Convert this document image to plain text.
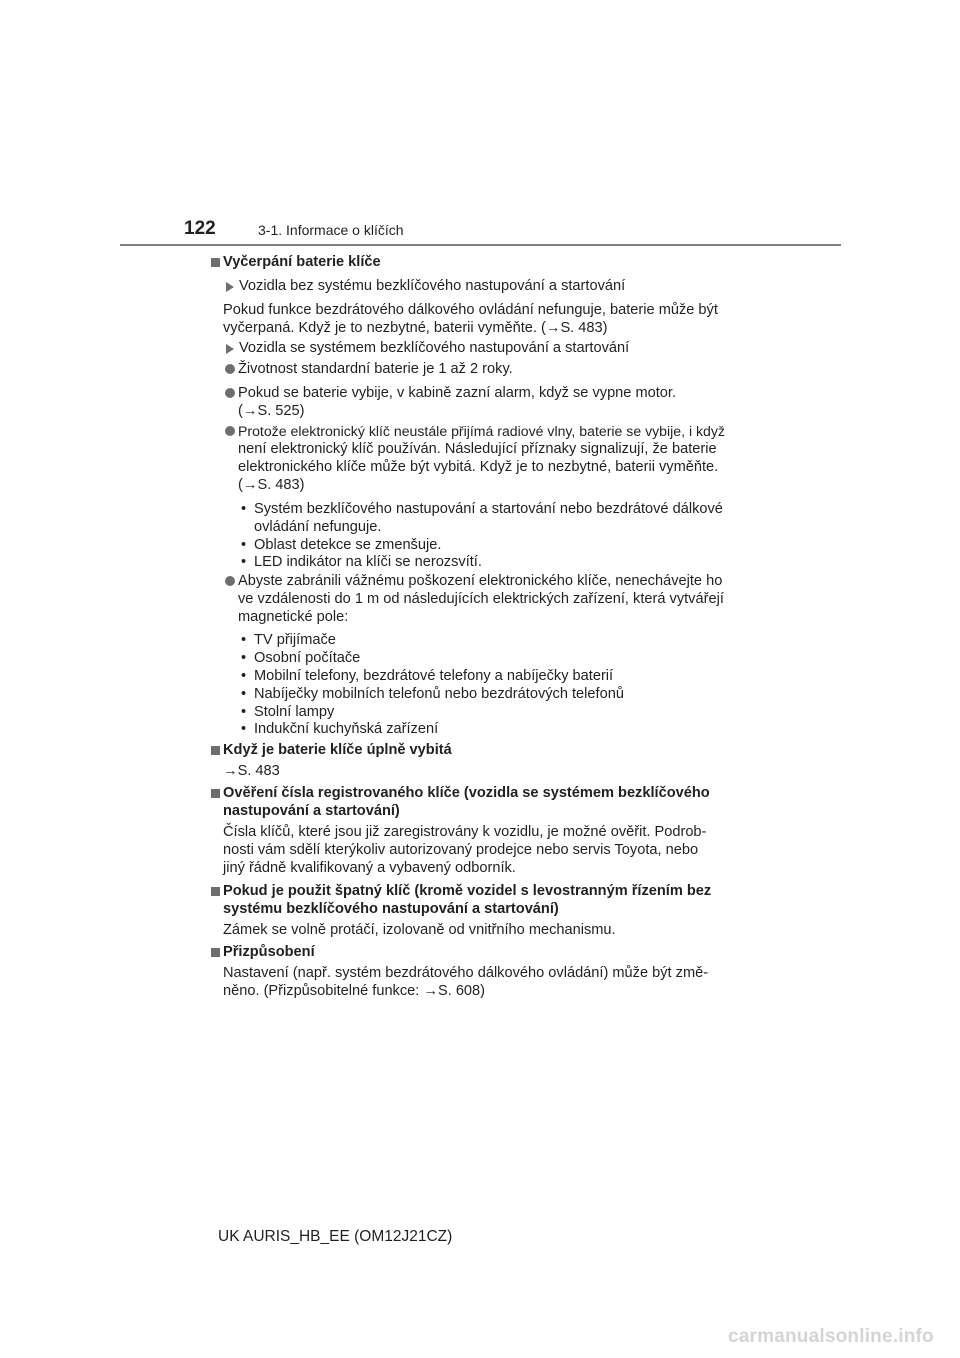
122	3-1. Informace o klíčích
Vyčerpání baterie klíče
Vozidla bez systému bezklíčového nastupování a startování
Pokud funkce bezdrátového dálkového ovládání nefunguje, baterie může být
vyčerpaná. Když je to nezbytné, baterii vyměňte. (→S. 483)
Vozidla se systémem bezklíčového nastupování a startování
Životnost standardní baterie je 1 až 2 roky.
Pokud se baterie vybije, v kabině zazní alarm, když se vypne motor.
(→S. 525)
Protože elektronický klíč neustále přijímá radiové vlny, baterie se vybije, i když
není elektronický klíč používán. Následující příznaky signalizují, že baterie
elektronického klíče může být vybitá. Když je to nezbytné, baterii vyměňte.
(→S. 483)
• Systém bezklíčového nastupování a startování nebo bezdrátové dálkové
ovládání nefunguje.
• Oblast detekce se zmenšuje.
• LED indikátor na klíči se nerozsvítí.
Abyste zabránili vážnému poškození elektronického klíče, nenechávejte ho
ve vzdálenosti do 1 m od následujících elektrických zařízení, která vytvářejí
magnetické pole:
• TV přijímače
• Osobní počítače
• Mobilní telefony, bezdrátové telefony a nabíječky baterií
• Nabíječky mobilních telefonů nebo bezdrátových telefonů
• Stolní lampy
• Indukční kuchyňská zařízení
Když je baterie klíče úplně vybitá
→S. 483
Ověření čísla registrovaného klíče (vozidla se systémem bezklíčového
nastupování a startování)
Čísla klíčů, které jsou již zaregistrovány k vozidlu, je možné ověřit. Podrob-
nosti vám sdělí kterýkoliv autorizovaný prodejce nebo servis Toyota, nebo
jiný řádně kvalifikovaný a vybavený odborník.
Pokud je použit špatný klíč (kromě vozidel s levostranným řízením bez
systému bezklíčového nastupování a startování)
Zámek se volně protáčí, izolovaně od vnitřního mechanismu.
Přizpůsobení
Nastavení (např. systém bezdrátového dálkového ovládání) může být změ-
něno. (Přizpůsobitelné funkce: →S. 608)
UK AURIS_HB_EE (OM12J21CZ)
carmanualsonline.info
